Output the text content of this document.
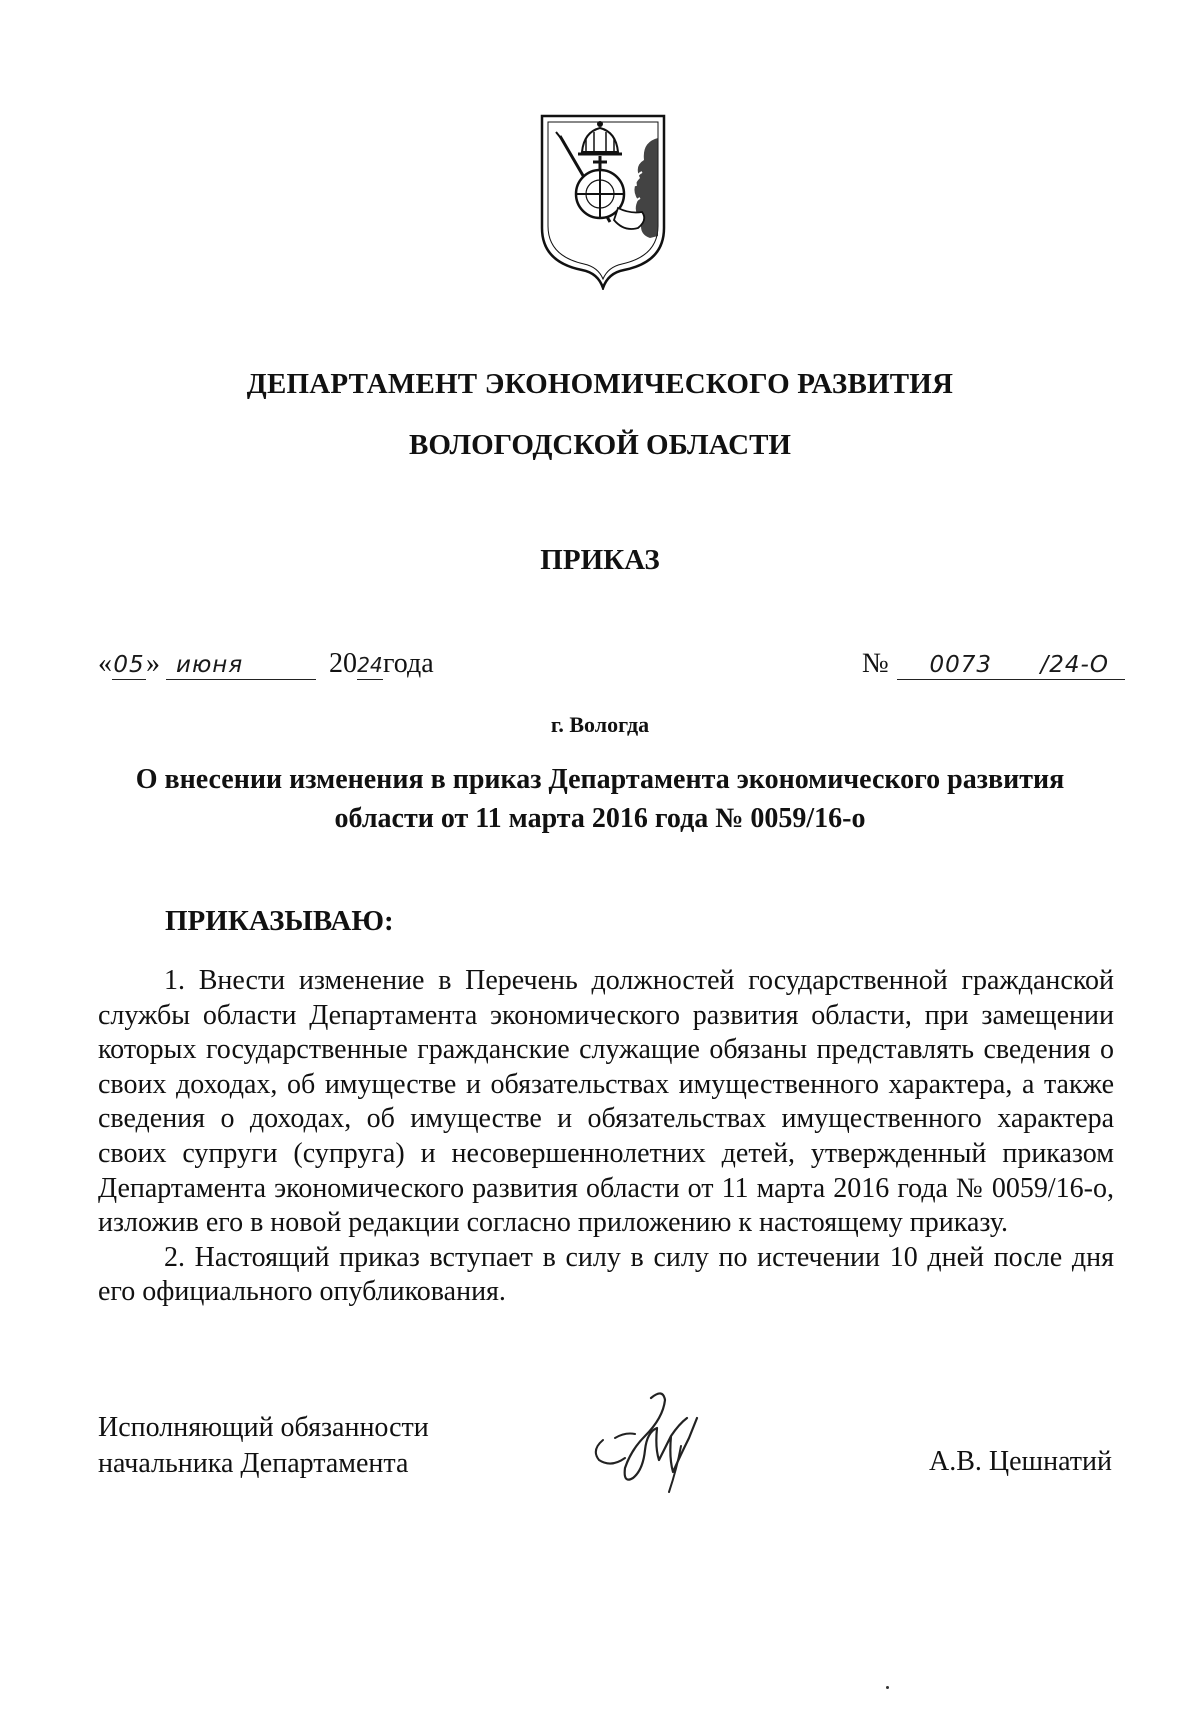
ДЕПАРТАМЕНТ ЭКОНОМИЧЕСКОГО РАЗВИТИЯ
ВОЛОГОДСКОЙ ОБЛАСТИ
ПРИКАЗ
«05» июня	2024года	№ 0073 /24-О
г. Вологда
О внесении изменения в приказ Департамента экономического развития
области от 11 марта 2016 года № 0059/16-о
ПРИКАЗЫВАЮ:

1. Внести изменение в Перечень должностей государственной гражданской службы области Департамента экономического развития области, при замещении которых государственные гражданские служащие обязаны представлять сведения о своих доходах, об имуществе и обязательствах имущественного характера, а также сведения о доходах, об имуществе и обязательствах имущественного характера своих супруги (супруга) и несовершеннолетних детей, утвержденный приказом Департамента экономического развития области от 11 марта 2016 года № 0059/16-о, изложив его в новой редакции согласно приложению к настоящему приказу.

2. Настоящий приказ вступает в силу в силу по истечении 10 дней после дня его официального опубликования.

Исполняющий обязанности
начальника Департамента	А.В. Цешнатий
